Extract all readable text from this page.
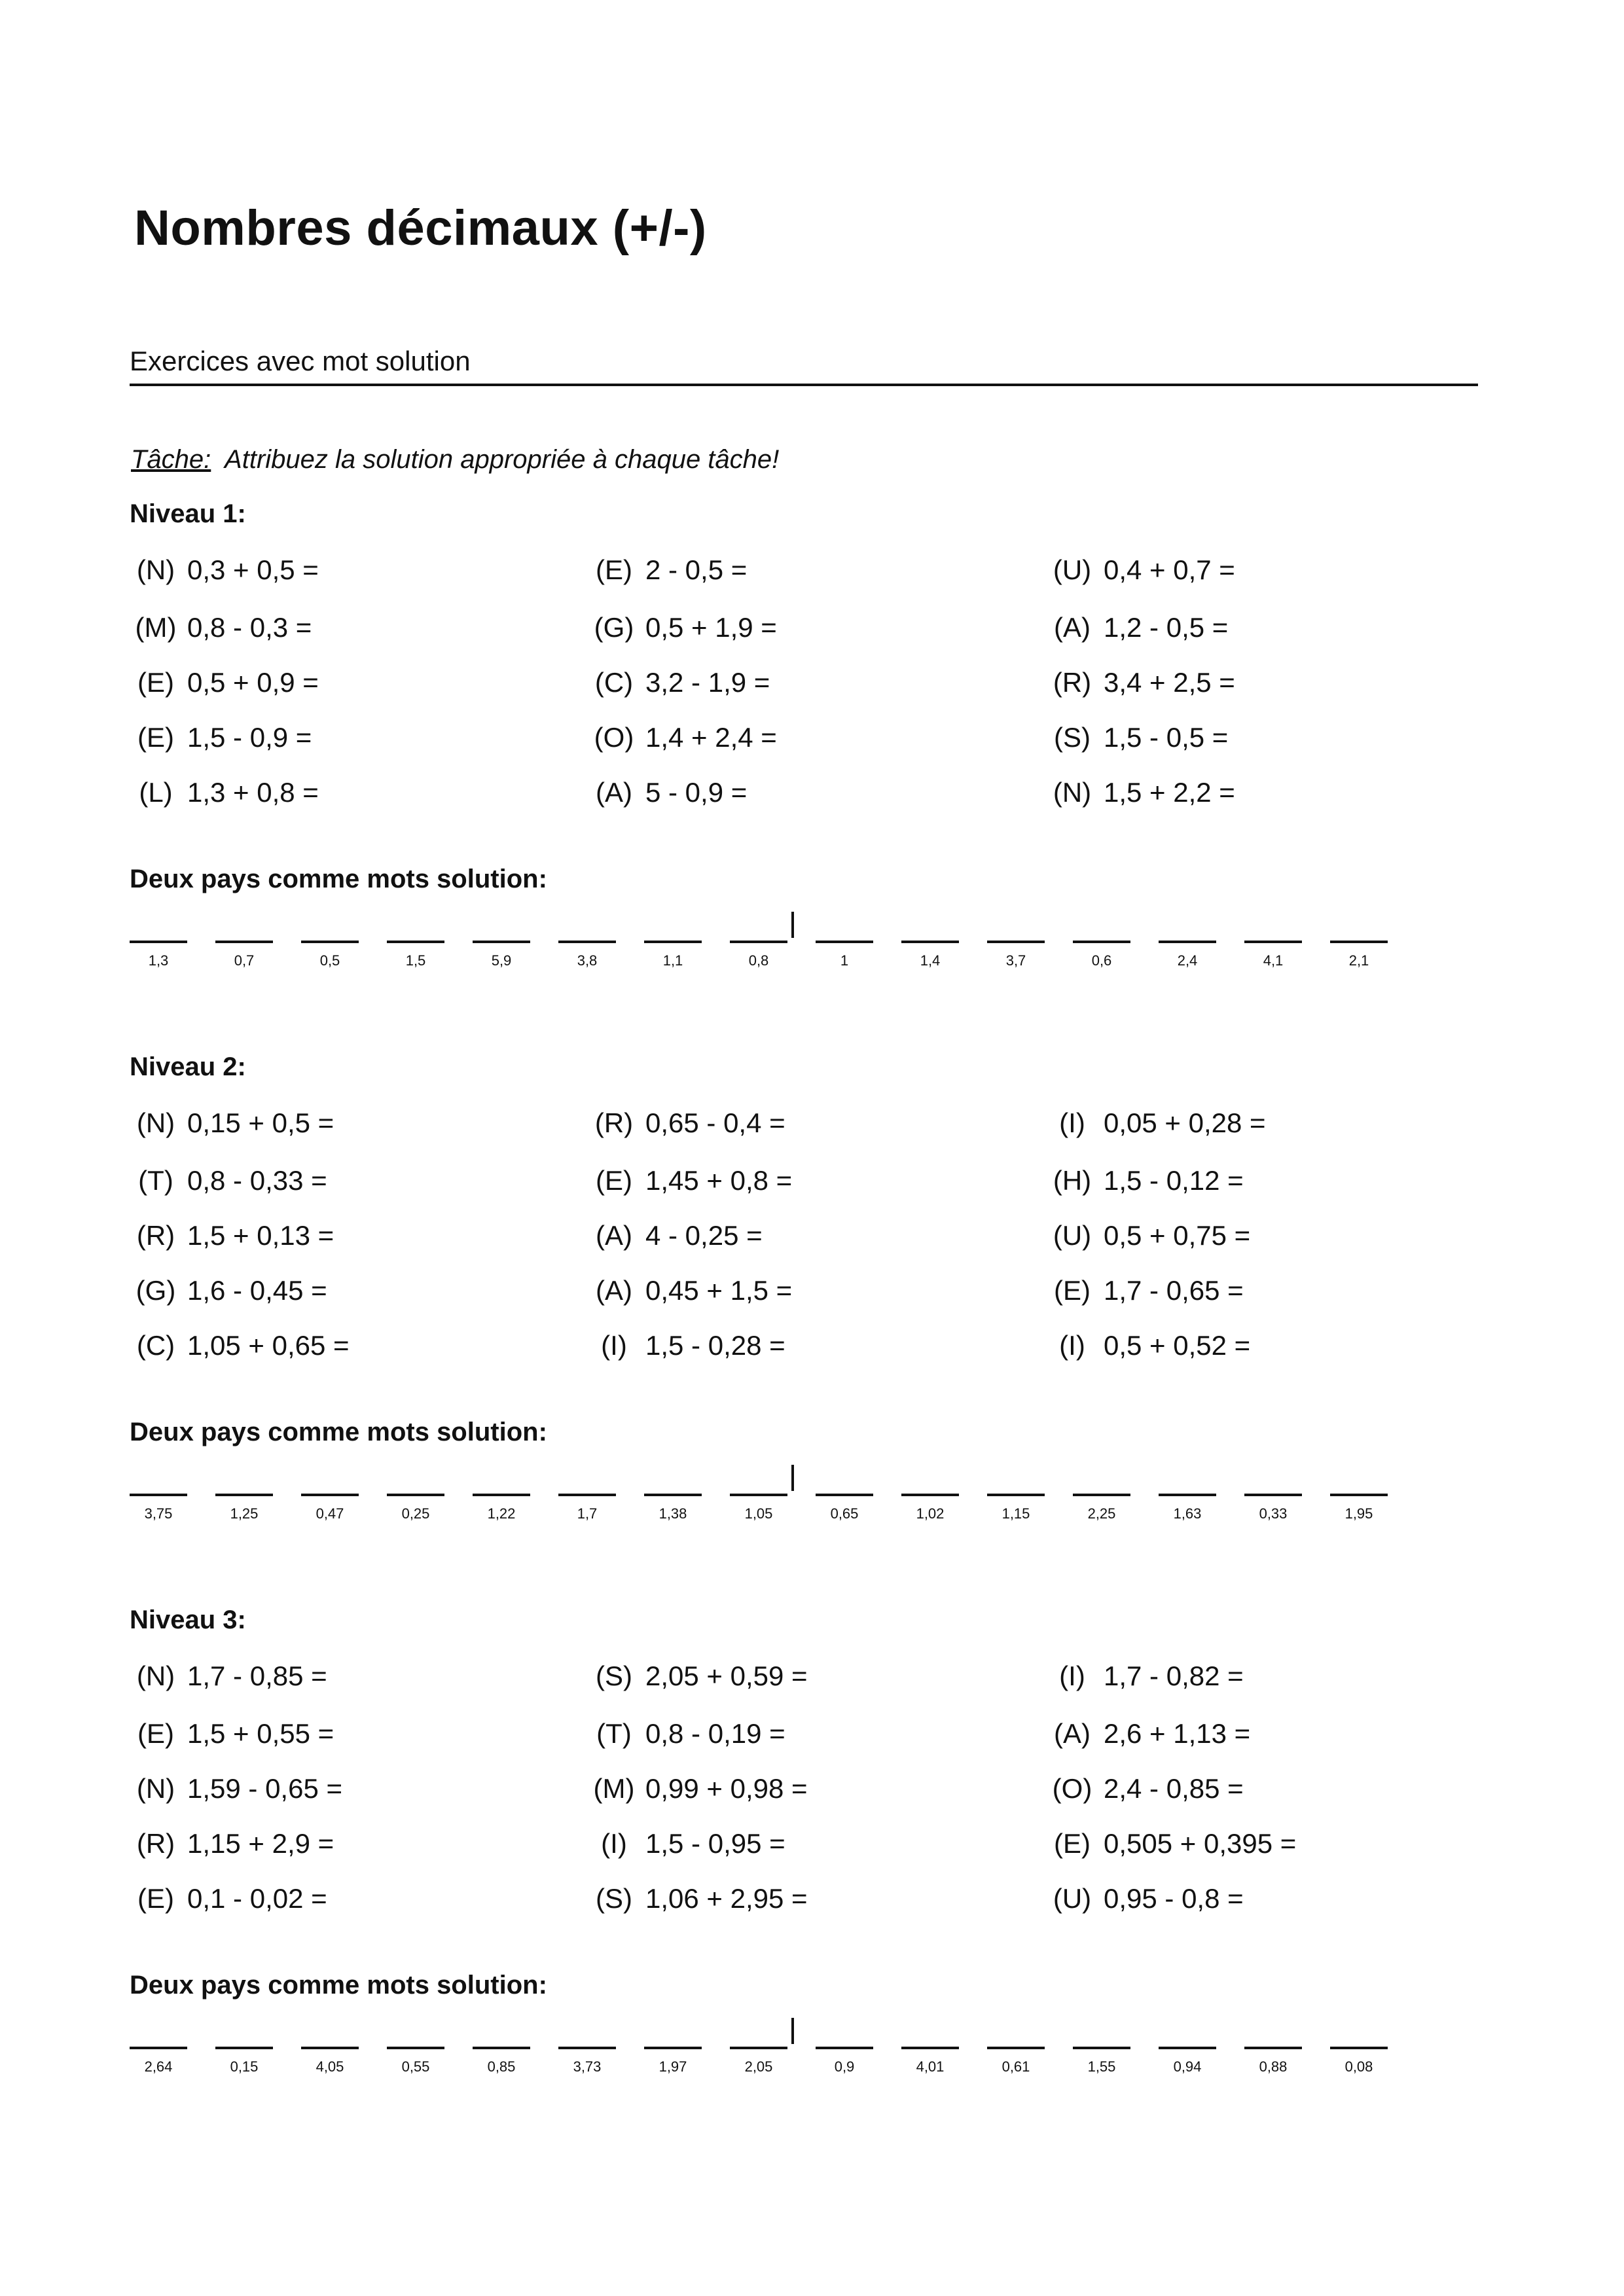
Nombres décimaux (+/-)
Exercices avec mot solution
Tâche: Attribuez la solution appropriée à chaque tâche!
Niveau 1:
(N) 0,3 + 0,5 =	(E) 2 - 0,5 =	(U) 0,4 + 0,7 =
(M) 0,8 - 0,3 =	(G) 0,5 + 1,9 =	(A) 1,2 - 0,5 =
(E) 0,5 + 0,9 =	(C) 3,2 - 1,9 =	(R) 3,4 + 2,5 =
(E) 1,5 - 0,9 =	(O) 1,4 + 2,4 =	(S) 1,5 - 0,5 =
(L) 1,3 + 0,8 =	(A) 5 - 0,9 =	(N) 1,5 + 2,2 =
Deux pays comme mots solution:
1,3	0,7	0,5	1,5	5,9	3,8	1,1	0,8	1	1,4	3,7	0,6	2,4	4,1	2,1
Niveau 2:
(N) 0,15 + 0,5 =	(R) 0,65 - 0,4 =	(I) 0,05 + 0,28 =
(T) 0,8 - 0,33 =	(E) 1,45 + 0,8 =	(H) 1,5 - 0,12 =
(R) 1,5 + 0,13 =	(A) 4 - 0,25 =	(U) 0,5 + 0,75 =
(G) 1,6 - 0,45 =	(A) 0,45 + 1,5 =	(E) 1,7 - 0,65 =
(C) 1,05 + 0,65 =	(I) 1,5 - 0,28 =	(I) 0,5 + 0,52 =
Deux pays comme mots solution:
3,75	1,25	0,47	0,25	1,22	1,7	1,38	1,05	0,65	1,02	1,15	2,25	1,63	0,33	1,95
Niveau 3:
(N) 1,7 - 0,85 =	(S) 2,05 + 0,59 =	(I) 1,7 - 0,82 =
(E) 1,5 + 0,55 =	(T) 0,8 - 0,19 =	(A) 2,6 + 1,13 =
(N) 1,59 - 0,65 =	(M) 0,99 + 0,98 =	(O) 2,4 - 0,85 =
(R) 1,15 + 2,9 =	(I) 1,5 - 0,95 =	(E) 0,505 + 0,395 =
(E) 0,1 - 0,02 =	(S) 1,06 + 2,95 =	(U) 0,95 - 0,8 =
Deux pays comme mots solution:
2,64	0,15	4,05	0,55	0,85	3,73	1,97	2,05	0,9	4,01	0,61	1,55	0,94	0,88	0,08
